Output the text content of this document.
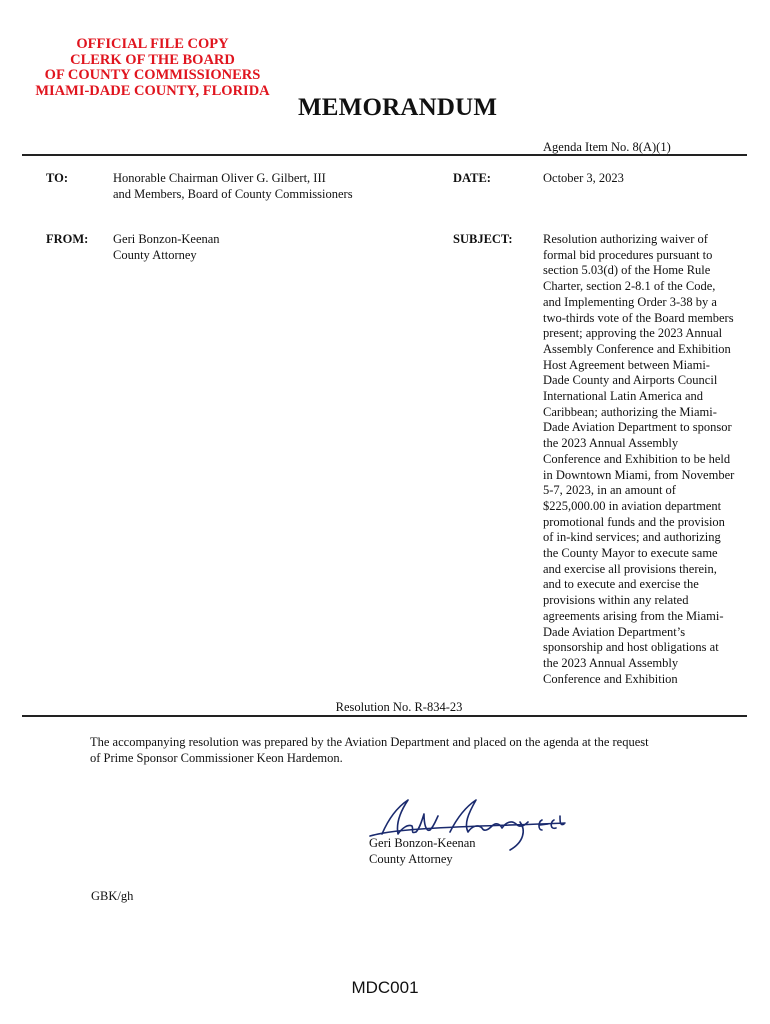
OFFICIAL FILE COPY
CLERK OF THE BOARD
OF COUNTY COMMISSIONERS
MIAMI-DADE COUNTY, FLORIDA
MEMORANDUM
Agenda Item No. 8(A)(1)
TO:	Honorable Chairman Oliver G. Gilbert, III
and Members, Board of County Commissioners
DATE:	October 3, 2023
FROM: Geri Bonzon-Keenan
County Attorney
SUBJECT: Resolution authorizing waiver of
formal bid procedures pursuant to
section 5.03(d) of the Home Rule
Charter, section 2-8.1 of the Code,
and Implementing Order 3-38 by a
two-thirds vote of the Board members
present; approving the 2023 Annual
Assembly Conference and Exhibition
Host Agreement between Miami-
Dade County and Airports Council
International Latin America and
Caribbean; authorizing the Miami-
Dade Aviation Department to sponsor
the 2023 Annual Assembly
Conference and Exhibition to be held
in Downtown Miami, from November
5-7, 2023, in an amount of
$225,000.00 in aviation department
promotional funds and the provision
of in-kind services; and authorizing
the County Mayor to execute same
and exercise all provisions therein,
and to execute and exercise the
provisions within any related
agreements arising from the Miami-
Dade Aviation Department’s
sponsorship and host obligations at
the 2023 Annual Assembly
Conference and Exhibition
Resolution No. R-834-23
The accompanying resolution was prepared by the Aviation Department and placed on the agenda at the request
of Prime Sponsor Commissioner Keon Hardemon.
Geri Bonzon-Keenan
County Attorney
GBK/gh
MDC001
